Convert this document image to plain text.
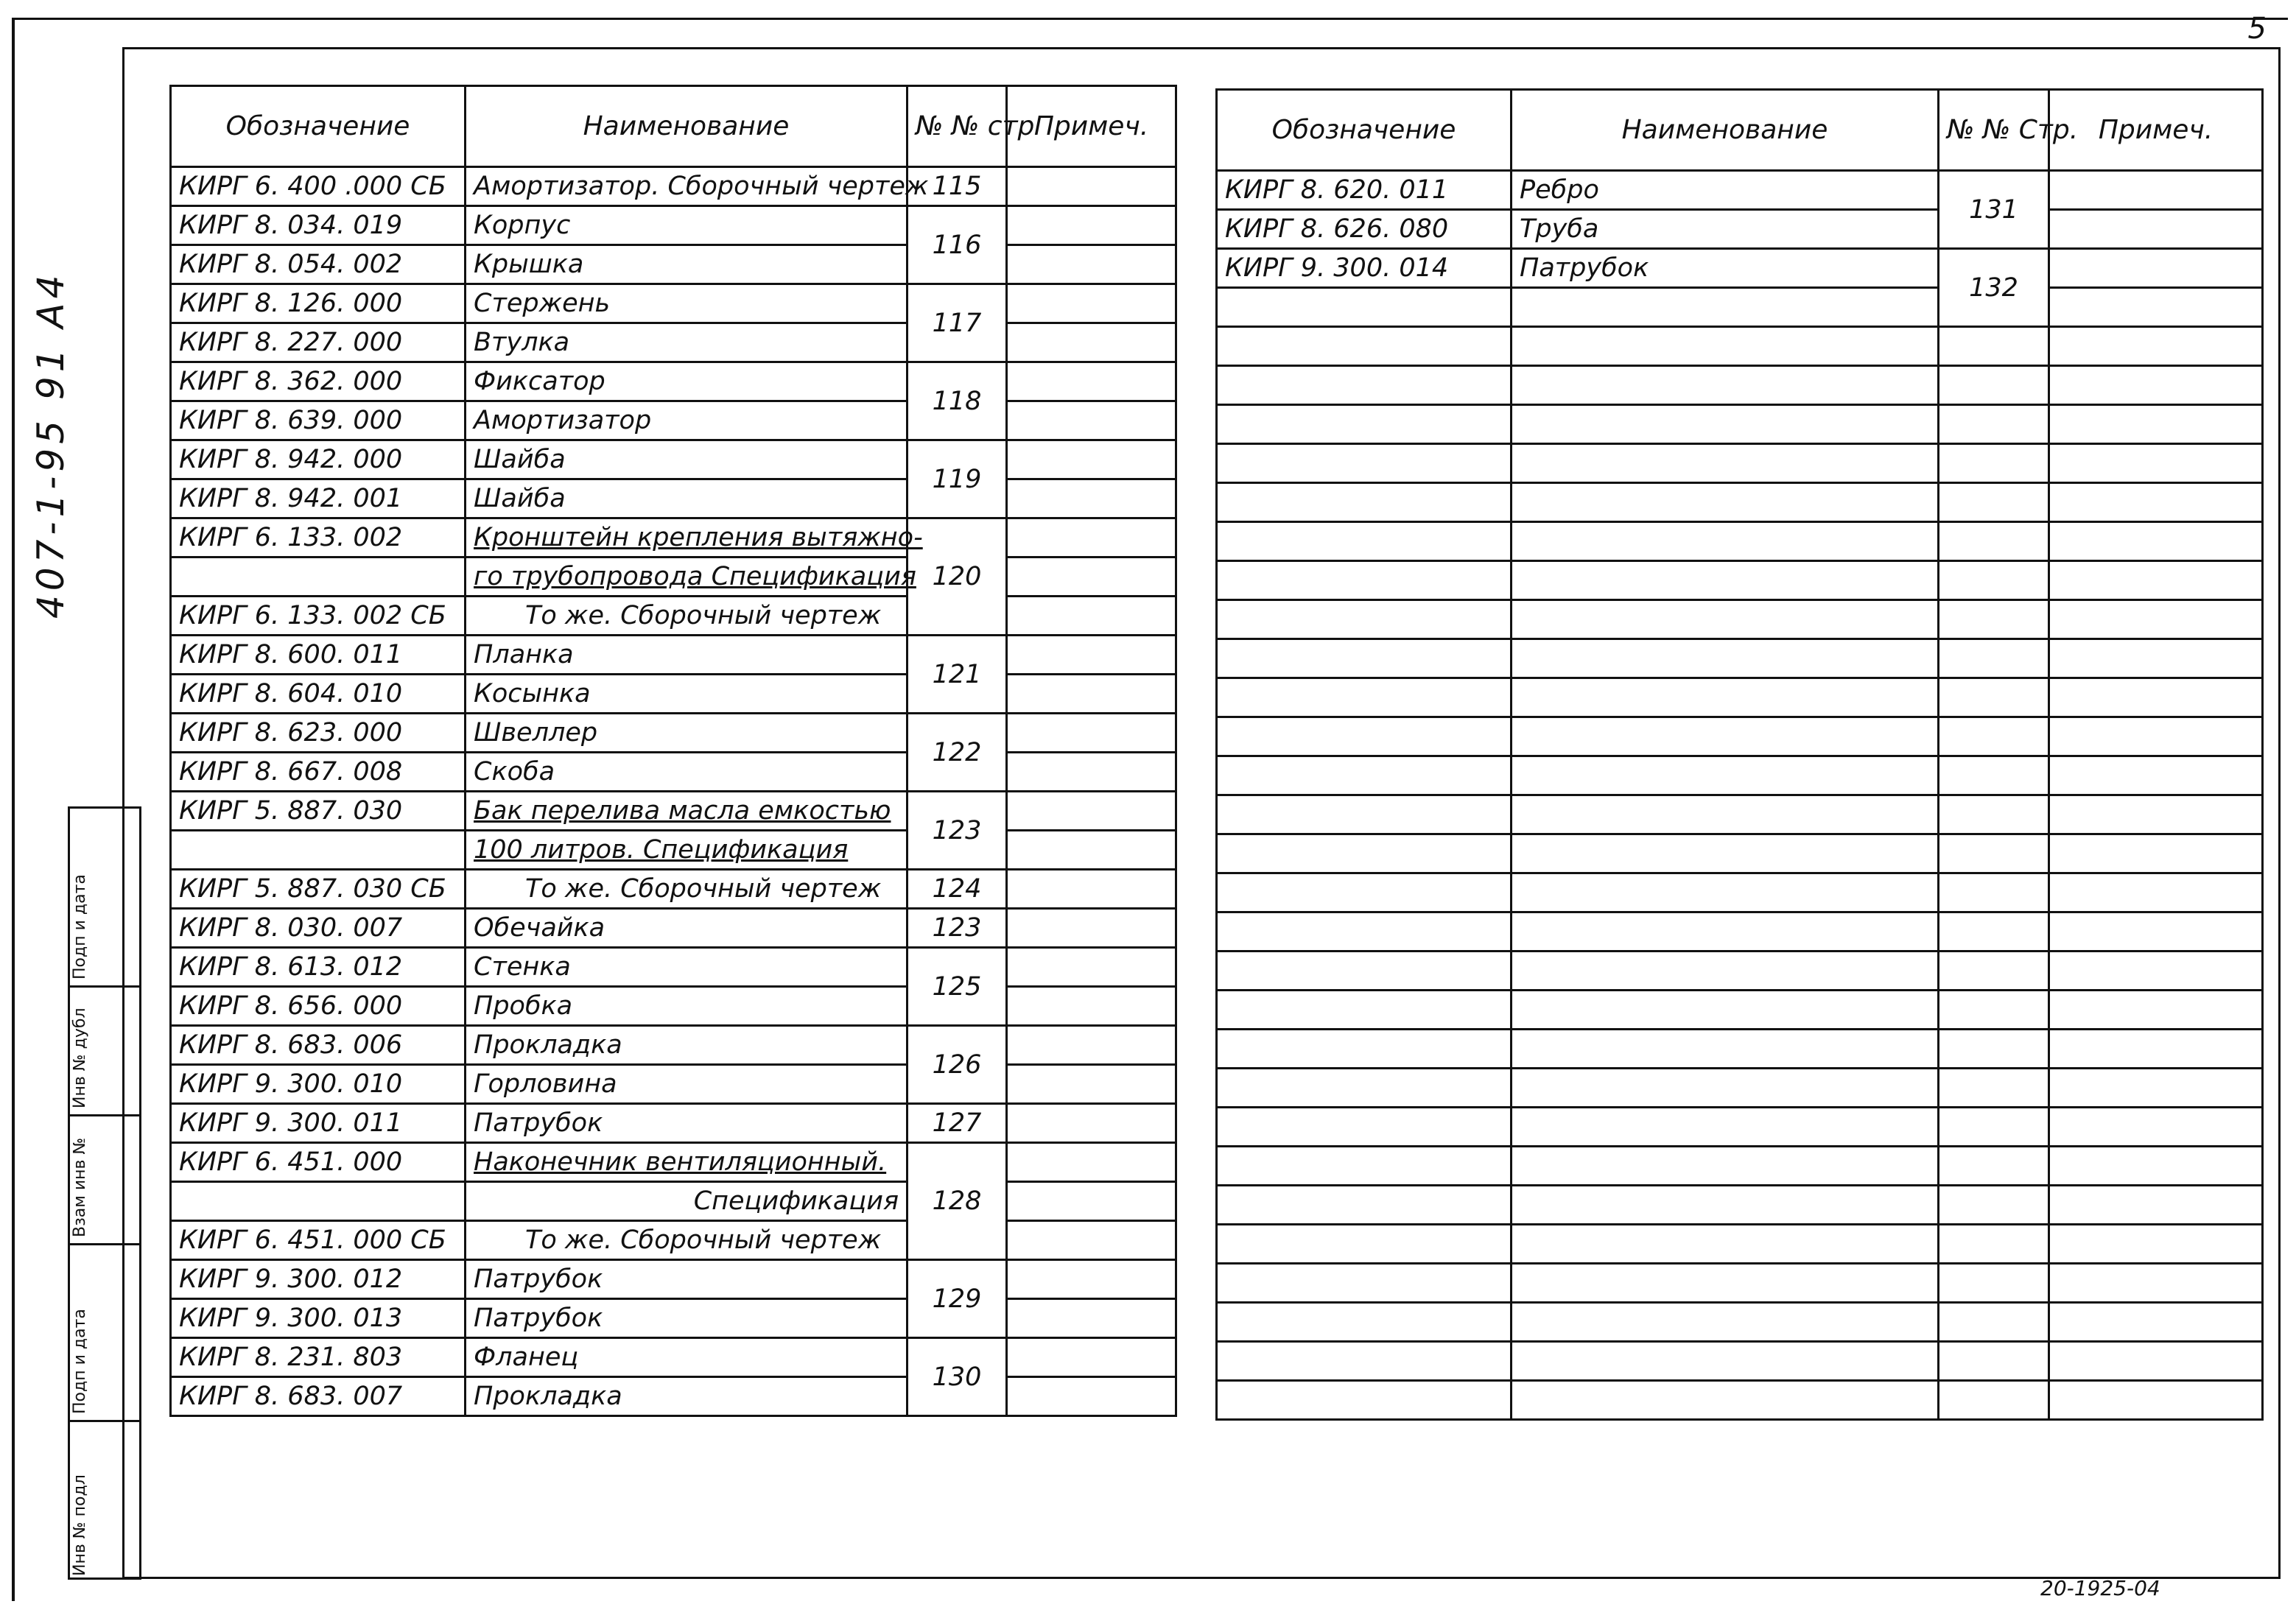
5
407-1-95 91 A4
Подп и дата
Инв № дубл
Взам инв №
Подп и дата
Инв № подл
Обозначение	Наименование	№ № стр	Примеч.
КИРГ 6. 400 .000 СБ	Амортизатор. Сборочный чертеж	115	
КИРГ 8. 034. 019	Корпус	116	
КИРГ 8. 054. 002	Крышка		
КИРГ 8. 126. 000	Стержень	117	
КИРГ 8. 227. 000	Втулка		
КИРГ 8. 362. 000	Фиксатор	118	
КИРГ 8. 639. 000	Амортизатор		
КИРГ 8. 942. 000	Шайба	119	
КИРГ 8. 942. 001	Шайба		
КИРГ 6. 133. 002	Кронштейн крепления вытяжно-	120	
	го трубопровода Спецификация		
КИРГ 6. 133. 002 СБ	То же. Сборочный чертеж		
КИРГ 8. 600. 011	Планка	121	
КИРГ 8. 604. 010	Косынка		
КИРГ 8. 623. 000	Швеллер	122	
КИРГ 8. 667. 008	Скоба		
КИРГ 5. 887. 030	Бак перелива масла емкостью	123	
	100 литров. Спецификация		
КИРГ 5. 887. 030 СБ	То же. Сборочный чертеж	124	
КИРГ 8. 030. 007	Обечайка	123	
КИРГ 8. 613. 012	Стенка	125	
КИРГ 8. 656. 000	Пробка		
КИРГ 8. 683. 006	Прокладка	126	
КИРГ 9. 300. 010	Горловина		
КИРГ 9. 300. 011	Патрубок	127	
КИРГ 6. 451. 000	Наконечник вентиляционный.	128	
	Спецификация		
КИРГ 6. 451. 000 СБ	То же. Сборочный чертеж		
КИРГ 9. 300. 012	Патрубок	129	
КИРГ 9. 300. 013	Патрубок		
КИРГ 8. 231. 803	Фланец	130	
КИРГ 8. 683. 007	Прокладка		
Обозначение	Наименование	№ № Стр.	Примеч.	
КИРГ 8. 620. 011	Ребро	131		
КИРГ 8. 626. 080	Труба			
КИРГ 9. 300. 014	Патрубок	132		

20-1925-04
